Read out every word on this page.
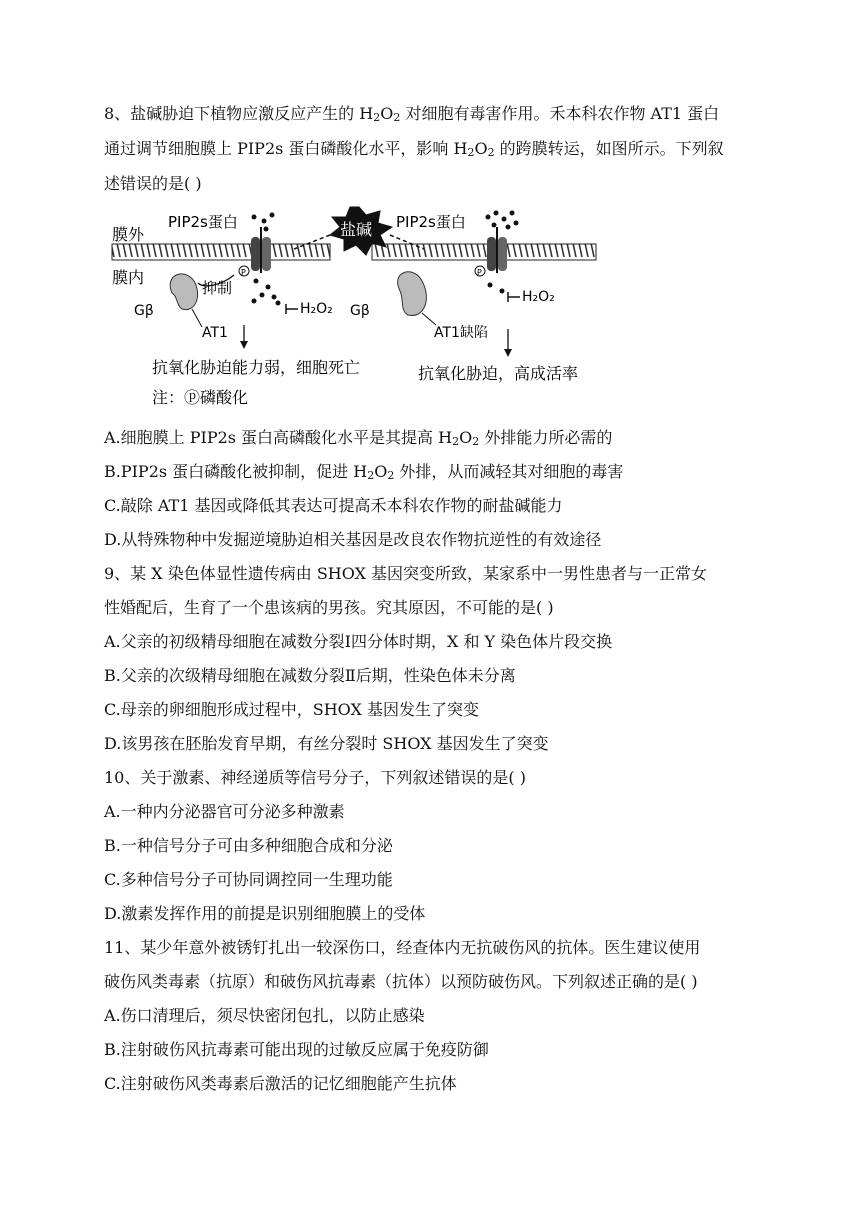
8、盐碱胁迫下植物应激反应产生的 $H_2O_2$ 对细胞有毒害作用。禾本科农作物 AT1 蛋白
通过调节细胞膜上 PIP2s 蛋白磷酸化水平，影响 $H_2O_2$ 的跨膜转运，如图所示。下列叙
述错误的是( )
膜外
膜内
盐碱
PIP2s蛋白
P
H₂O₂
抑制
Gβ
AT1
PIP2s蛋白
P
H₂O₂
Gβ
AT1缺陷
抗氧化胁迫能力弱，细胞死亡	抗氧化胁迫，高成活率
注：ⓟ磷酸化
A.细胞膜上 PIP2s 蛋白高磷酸化水平是其提高 $H_2O_2$ 外排能力所必需的
B.PIP2s 蛋白磷酸化被抑制，促进 $H_2O_2$ 外排，从而减轻其对细胞的毒害
C.敲除 AT1 基因或降低其表达可提高禾本科农作物的耐盐碱能力
D.从特殊物种中发掘逆境胁迫相关基因是改良农作物抗逆性的有效途径
9、某 X 染色体显性遗传病由 SHOX 基因突变所致，某家系中一男性患者与一正常女
性婚配后，生育了一个患该病的男孩。究其原因，不可能的是( )
A.父亲的初级精母细胞在减数分裂Ⅰ四分体时期，X 和 Y 染色体片段交换
B.父亲的次级精母细胞在减数分裂Ⅱ后期，性染色体未分离
C.母亲的卵细胞形成过程中，SHOX 基因发生了突变
D.该男孩在胚胎发育早期，有丝分裂时 SHOX 基因发生了突变
10、关于激素、神经递质等信号分子，下列叙述错误的是( )
A.一种内分泌器官可分泌多种激素
B.一种信号分子可由多种细胞合成和分泌
C.多种信号分子可协同调控同一生理功能
D.激素发挥作用的前提是识别细胞膜上的受体
11、某少年意外被锈钉扎出一较深伤口，经查体内无抗破伤风的抗体。医生建议使用
破伤风类毒素（抗原）和破伤风抗毒素（抗体）以预防破伤风。下列叙述正确的是( )
A.伤口清理后，须尽快密闭包扎，以防止感染
B.注射破伤风抗毒素可能出现的过敏反应属于免疫防御
C.注射破伤风类毒素后激活的记忆细胞能产生抗体
